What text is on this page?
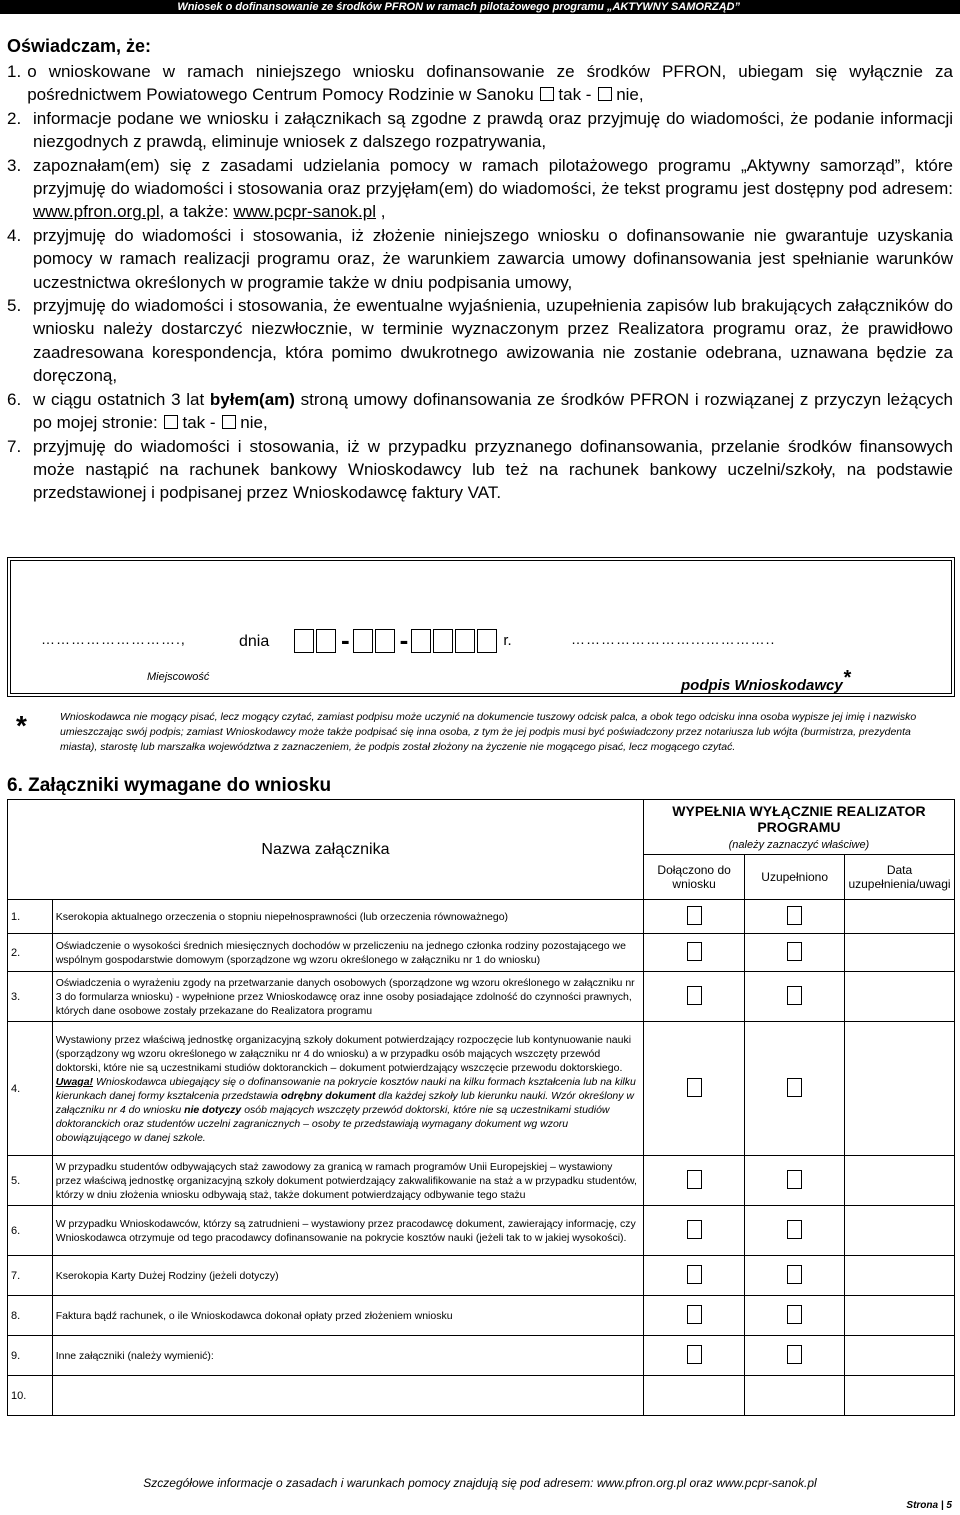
Wniosek o dofinansowanie ze środków PFRON w ramach pilotażowego programu „AKTYWNY SAMORZĄD”
Oświadczam, że:
1. o wnioskowane w ramach niniejszego wniosku dofinansowanie ze środków PFRON, ubiegam się wyłącznie za pośrednictwem Powiatowego Centrum Pomocy Rodzinie w Sanoku tak - nie,
2. informacje podane we wniosku i załącznikach są zgodne z prawdą oraz przyjmuję do wiadomości, że podanie informacji niezgodnych z prawdą, eliminuje wniosek z dalszego rozpatrywania,
3. zapoznałam(em) się z zasadami udzielania pomocy w ramach pilotażowego programu „Aktywny samorząd”, które przyjmuję do wiadomości i stosowania oraz przyjęłam(em) do wiadomości, że tekst programu jest dostępny pod adresem: www.pfron.org.pl, a także: www.pcpr-sanok.pl ,
4. przyjmuję do wiadomości i stosowania, iż złożenie niniejszego wniosku o dofinansowanie nie gwarantuje uzyskania pomocy w ramach realizacji programu oraz, że warunkiem zawarcia umowy dofinansowania jest spełnianie warunków uczestnictwa określonych w programie także w dniu podpisania umowy,
5. przyjmuję do wiadomości i stosowania, że ewentualne wyjaśnienia, uzupełnienia zapisów lub brakujących załączników do wniosku należy dostarczyć niezwłocznie, w terminie wyznaczonym przez Realizatora programu oraz, że prawidłowo zaadresowana korespondencja, która pomimo dwukrotnego awizowania nie zostanie odebrana, uznawana będzie za doręczoną,
6. w ciągu ostatnich 3 lat byłem(am) stroną umowy dofinansowania ze środków PFRON i rozwiązanej z przyczyn leżących po mojej stronie: tak - nie,
7. przyjmuję do wiadomości i stosowania, iż w przypadku przyznanego dofinansowania, przelanie środków finansowych może nastąpić na rachunek bankowy Wnioskodawcy lub też na rachunek bankowy uczelni/szkoły, na podstawie przedstawionej i podpisanej przez Wnioskodawcę faktury VAT.
……………………….,	dnia	- -	r.	……………………...…………..
Miejscowość	podpis Wnioskodawcy*
*	Wnioskodawca nie mogący pisać, lecz mogący czytać, zamiast podpisu może uczynić na dokumencie tuszowy odcisk palca, a obok tego odcisku inna osoba wypisze jej imię i nazwisko umieszczając swój podpis; zamiast Wnioskodawcy może także podpisać się inna osoba, z tym że jej podpis musi być poświadczony przez notariusza lub wójta (burmistrza, prezydenta miasta), starostę lub marszałka województwa z zaznaczeniem, że podpis został złożony na życzenie nie mogącego pisać, lecz mogącego czytać.
6. Załączniki wymagane do wniosku
Nazwa załącznika		WYPEŁNIA WYŁĄCZNIE REALIZATOR PROGRAMU
(należy zaznaczyć właściwe)		
		Dołączono do wniosku	Uzupełniono	Data uzupełnienia/uwagi
1.	Kserokopia aktualnego orzeczenia o stopniu niepełnosprawności (lub orzeczenia równoważnego)			
2.	Oświadczenie o wysokości średnich miesięcznych dochodów w przeliczeniu na jednego członka rodziny pozostającego we wspólnym gospodarstwie domowym (sporządzone wg wzoru określonego w załączniku nr 1 do wniosku)			
3.	Oświadczenia o wyrażeniu zgody na przetwarzanie danych osobowych (sporządzone wg wzoru określonego w załączniku nr 3 do formularza wniosku) - wypełnione przez Wnioskodawcę oraz inne osoby posiadające zdolność do czynności prawnych, których dane osobowe zostały przekazane do Realizatora programu			
4.	Wystawiony przez właściwą jednostkę organizacyjną szkoły dokument potwierdzający rozpoczęcie lub kontynuowanie nauki (sporządzony wg wzoru określonego w załączniku nr 4 do wniosku) a w przypadku osób mających wszczęty przewód doktorski, które nie są uczestnikami studiów doktoranckich – dokument potwierdzający wszczęcie przewodu doktorskiego.
Uwaga! Wnioskodawca ubiegający się o dofinansowanie na pokrycie kosztów nauki na kilku formach kształcenia lub na kilku kierunkach danej formy kształcenia przedstawia odrębny dokument dla każdej szkoły lub kierunku nauki. Wzór określony w załączniku nr 4 do wniosku nie dotyczy osób mających wszczęty przewód doktorski, które nie są uczestnikami studiów doktoranckich oraz studentów uczelni zagranicznych – osoby te przedstawiają wymagany dokument wg wzoru obowiązującego w danej szkole.			
5.	W przypadku studentów odbywających staż zawodowy za granicą w ramach programów Unii Europejskiej – wystawiony przez właściwą jednostkę organizacyjną szkoły dokument potwierdzający zakwalifikowanie na staż a w przypadku studentów, którzy w dniu złożenia wniosku odbywają staż, także dokument potwierdzający odbywanie tego stażu			
6.	W przypadku Wnioskodawców, którzy są zatrudnieni – wystawiony przez pracodawcę dokument, zawierający informację, czy Wnioskodawca otrzymuje od tego pracodawcy dofinansowanie na pokrycie kosztów nauki (jeżeli tak to w jakiej wysokości).			
7.	Kserokopia Karty Dużej Rodziny (jeżeli dotyczy)			
8.	Faktura bądź rachunek, o ile Wnioskodawca dokonał opłaty przed złożeniem wniosku			
9.	Inne załączniki (należy wymienić):			
10.				
Szczegółowe informacje o zasadach i warunkach pomocy znajdują się pod adresem: www.pfron.org.pl oraz www.pcpr-sanok.pl
Strona | 5
